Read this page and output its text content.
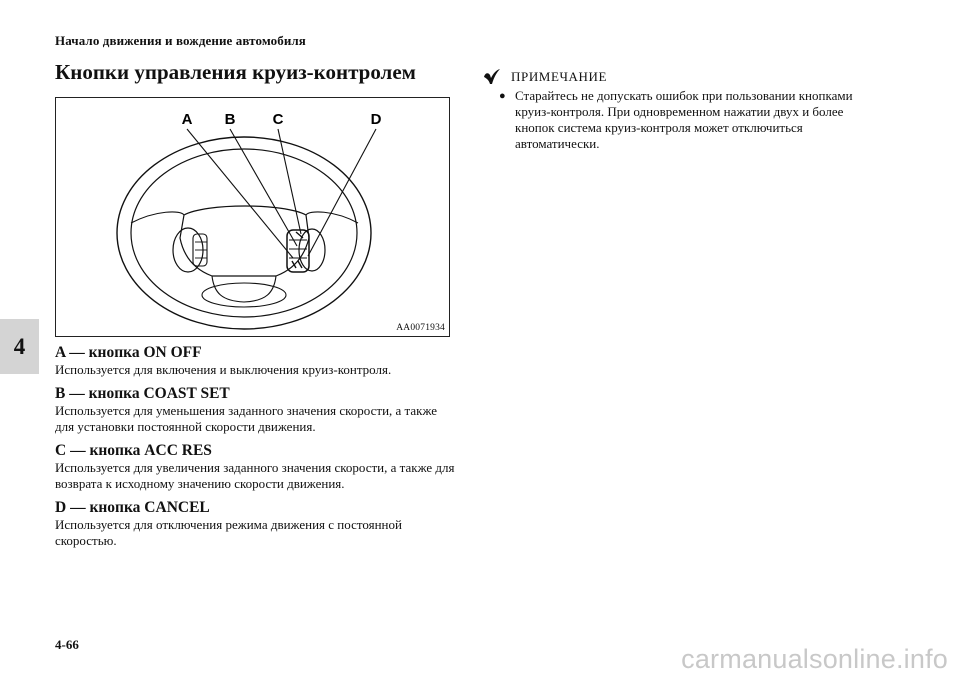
Начало движения и вождение автомобиля
4
Кнопки управления круиз-контролем
A B C	D
AA0071934
A — кнопка ON OFF
Используется для включения и выключения круиз-контроля.
B — кнопка COAST SET
Используется для уменьшения заданного значения скорости, а также для установки постоянной скорости движения.
C — кнопка ACC RES
Используется для увеличения заданного значения скорости, а также для возврата к исходному значению скорости движения.
D — кнопка CANCEL
Используется для отключения режима движения с постоянной скоростью.
ПРИМЕЧАНИЕ
● Старайтесь не допускать ошибок при пользовании кнопками круиз-контроля. При одновременном нажатии двух и более кнопок система круиз-контроля может отключиться автоматически.
4-66	carmanualsonline.info
